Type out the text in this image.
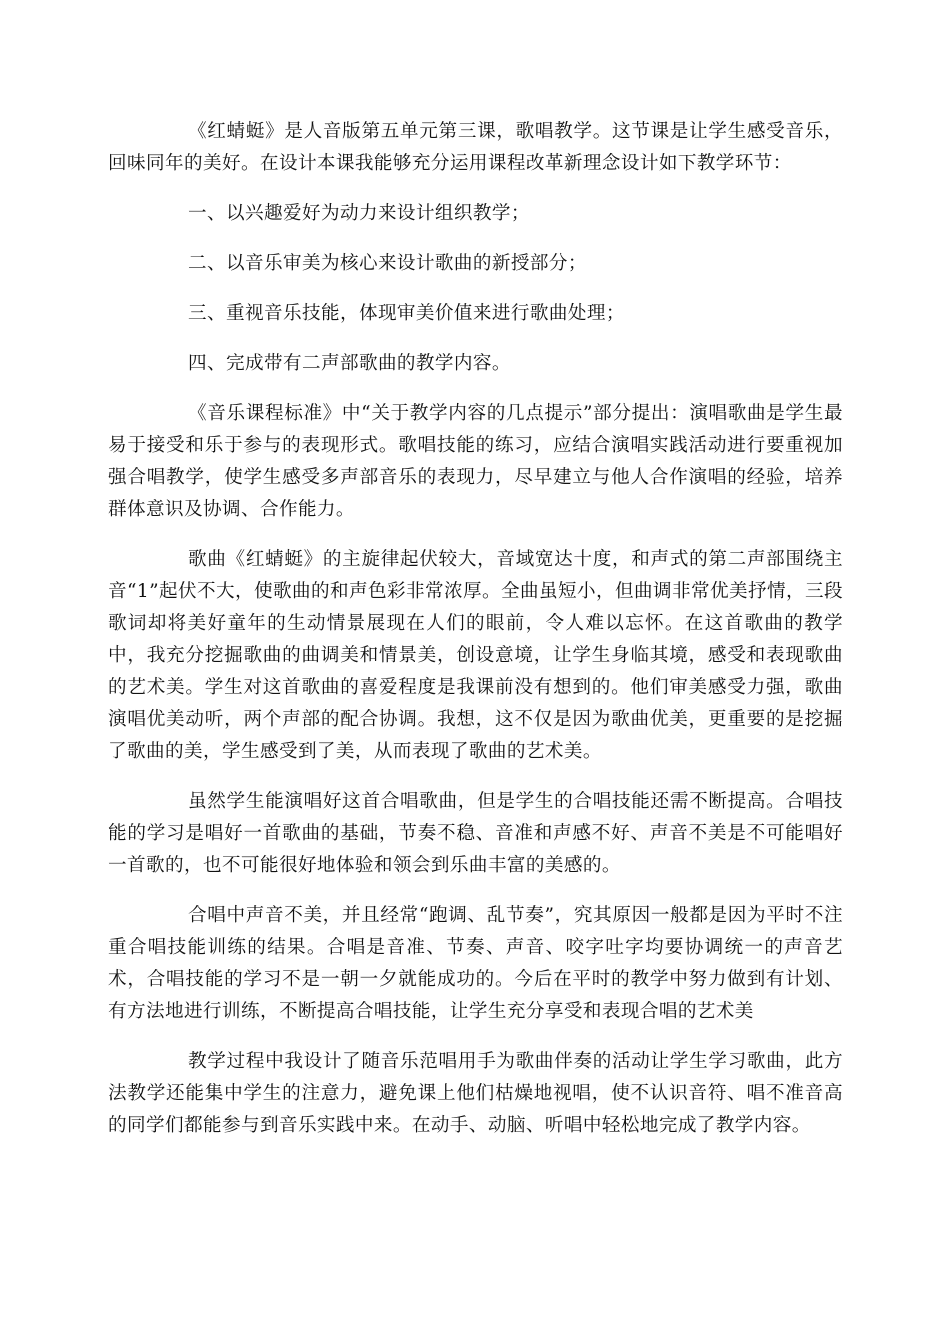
《红蜻蜓》是人音版第五单元第三课，歌唱教学。这节课是让学生感受音乐，回味同年的美好。在设计本课我能够充分运用课程改革新理念设计如下教学环节：

一、以兴趣爱好为动力来设计组织教学；

二、以音乐审美为核心来设计歌曲的新授部分；

三、重视音乐技能，体现审美价值来进行歌曲处理；

四、完成带有二声部歌曲的教学内容。

《音乐课程标准》中“关于教学内容的几点提示”部分提出：演唱歌曲是学生最易于接受和乐于参与的表现形式。歌唱技能的练习，应结合演唱实践活动进行要重视加强合唱教学，使学生感受多声部音乐的表现力，尽早建立与他人合作演唱的经验，培养群体意识及协调、合作能力。

歌曲《红蜻蜓》的主旋律起伏较大，音域宽达十度，和声式的第二声部围绕主音“1”起伏不大，使歌曲的和声色彩非常浓厚。全曲虽短小，但曲调非常优美抒情，三段歌词却将美好童年的生动情景展现在人们的眼前，令人难以忘怀。在这首歌曲的教学中，我充分挖掘歌曲的曲调美和情景美，创设意境，让学生身临其境，感受和表现歌曲的艺术美。学生对这首歌曲的喜爱程度是我课前没有想到的。他们审美感受力强，歌曲演唱优美动听，两个声部的配合协调。我想，这不仅是因为歌曲优美，更重要的是挖掘了歌曲的美，学生感受到了美，从而表现了歌曲的艺术美。

虽然学生能演唱好这首合唱歌曲，但是学生的合唱技能还需不断提高。合唱技能的学习是唱好一首歌曲的基础，节奏不稳、音准和声感不好、声音不美是不可能唱好一首歌的，也不可能很好地体验和领会到乐曲丰富的美感的。

合唱中声音不美，并且经常“跑调、乱节奏”，究其原因一般都是因为平时不注重合唱技能训练的结果。合唱是音准、节奏、声音、咬字吐字均要协调统一的声音艺术，合唱技能的学习不是一朝一夕就能成功的。今后在平时的教学中努力做到有计划、有方法地进行训练，不断提高合唱技能，让学生充分享受和表现合唱的艺术美

教学过程中我设计了随音乐范唱用手为歌曲伴奏的活动让学生学习歌曲，此方法教学还能集中学生的注意力，避免课上他们枯燥地视唱，使不认识音符、唱不准音高的同学们都能参与到音乐实践中来。在动手、动脑、听唱中轻松地完成了教学内容。
